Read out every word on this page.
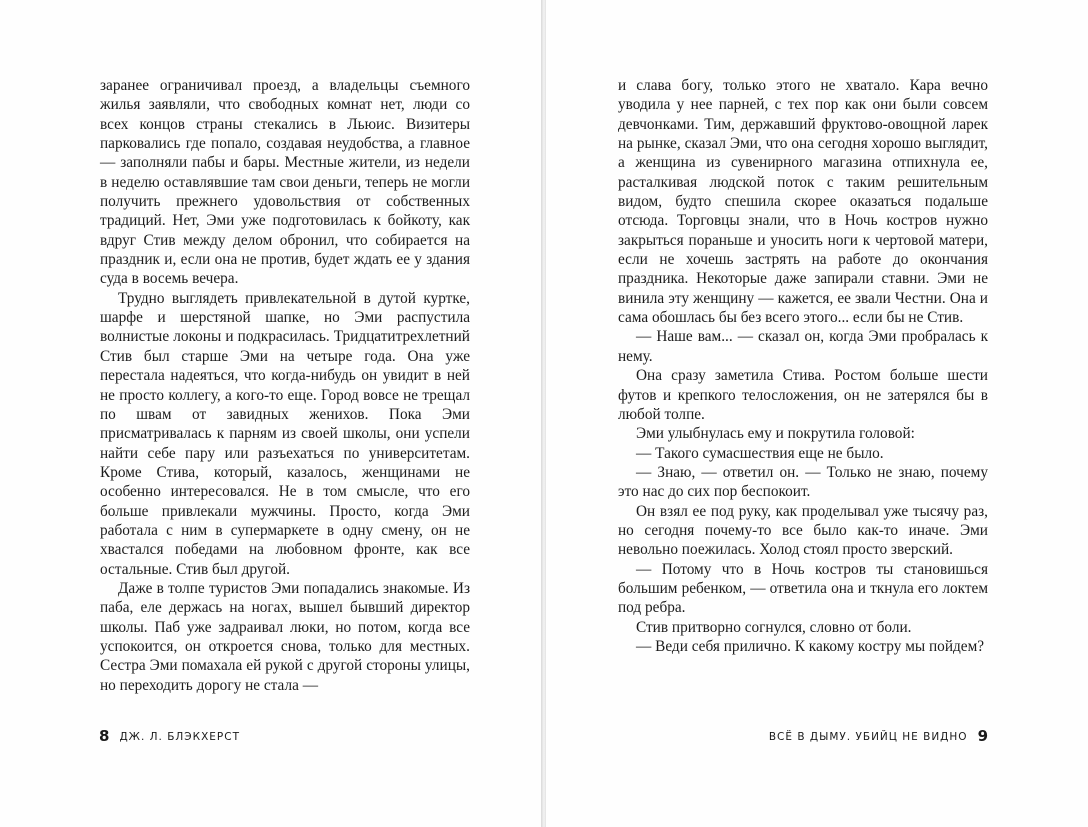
заранее ограничивал проезд, а владельцы съемного жилья заявляли, что свободных комнат нет, люди со всех концов страны стекались в Льюис. Визитеры парковались где попало, создавая неудобства, а главное — заполняли пабы и бары. Местные жители, из недели в неделю оставлявшие там свои деньги, теперь не могли получить прежнего удовольствия от собственных традиций. Нет, Эми уже подготовилась к бойкоту, как вдруг Стив между делом обронил, что собирается на праздник и, если она не против, будет ждать ее у здания суда в восемь вечера.

Трудно выглядеть привлекательной в дутой куртке, шарфе и шерстяной шапке, но Эми распустила волнистые локоны и подкрасилась. Тридцатитрехлетний Стив был старше Эми на четыре года. Она уже перестала надеяться, что когда-нибудь он увидит в ней не просто коллегу, а кого-то еще. Город вовсе не трещал по швам от завидных женихов. Пока Эми присматривалась к парням из своей школы, они успели найти себе пару или разъехаться по университетам. Кроме Стива, который, казалось, женщинами не особенно интересовался. Не в том смысле, что его больше привлекали мужчины. Просто, когда Эми работала с ним в супермаркете в одну смену, он не хвастался победами на любовном фронте, как все остальные. Стив был другой.

Даже в толпе туристов Эми попадались знакомые. Из паба, еле держась на ногах, вышел бывший директор школы. Паб уже задраивал люки, но потом, когда все успокоится, он откроется снова, только для местных. Сестра Эми помахала ей рукой с другой стороны улицы, но переходить дорогу не стала —

8 ДЖ. Л. БЛЭКХЕРСТ

и слава богу, только этого не хватало. Кара вечно уводила у нее парней, с тех пор как они были совсем девчонками. Тим, державший фруктово-овощной ларек на рынке, сказал Эми, что она сегодня хорошо выглядит, а женщина из сувенирного магазина отпихнула ее, расталкивая людской поток с таким решительным видом, будто спешила скорее оказаться подальше отсюда. Торговцы знали, что в Ночь костров нужно закрыться пораньше и уносить ноги к чертовой матери, если не хочешь застрять на работе до окончания праздника. Некоторые даже запирали ставни. Эми не винила эту женщину — кажется, ее звали Честни. Она и сама обошлась бы без всего этого... если бы не Стив.

— Наше вам... — сказал он, когда Эми пробралась к нему.

Она сразу заметила Стива. Ростом больше шести футов и крепкого телосложения, он не затерялся бы в любой толпе.

Эми улыбнулась ему и покрутила головой:

— Такого сумасшествия еще не было.

— Знаю, — ответил он. — Только не знаю, почему это нас до сих пор беспокоит.

Он взял ее под руку, как проделывал уже тысячу раз, но сегодня почему-то все было как-то иначе. Эми невольно поежилась. Холод стоял просто зверский.

— Потому что в Ночь костров ты становишься большим ребенком, — ответила она и ткнула его локтем под ребра.

Стив притворно согнулся, словно от боли.

— Веди себя прилично. К какому костру мы пойдем?

ВСЁ В ДЫМУ. УБИЙЦ НЕ ВИДНО 9
